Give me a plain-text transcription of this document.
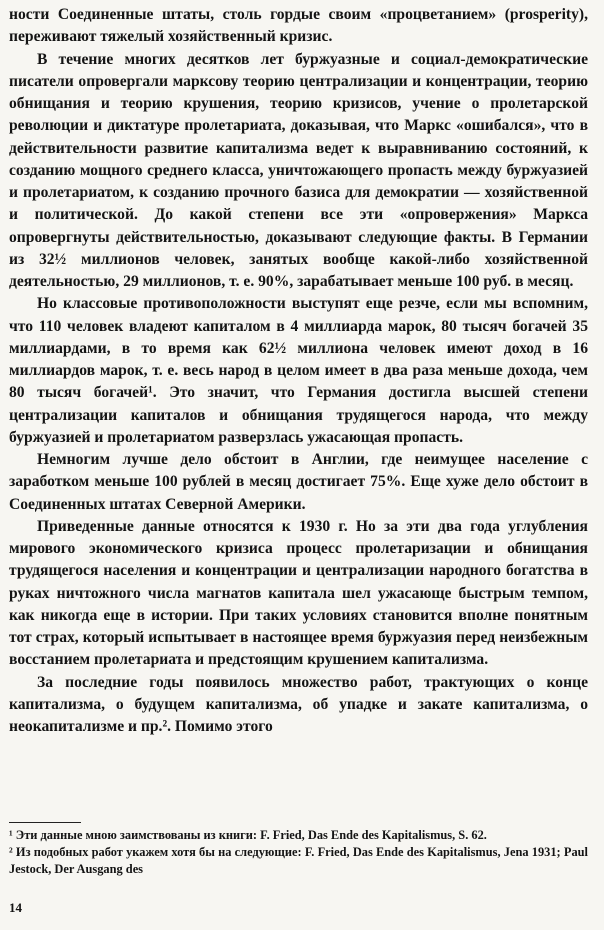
ности Соединенные штаты, столь гордые своим «процветанием» (prosperity), переживают тяжелый хозяйственный кризис.

В течение многих десятков лет буржуазные и социал-демократические писатели опровергали марксову теорию централизации и концентрации, теорию обнищания и теорию крушения, теорию кризисов, учение о пролетарской революции и диктатуре пролетариата, доказывая, что Маркс «ошибался», что в действительности развитие капитализма ведет к выравниванию состояний, к созданию мощного среднего класса, уничтожающего пропасть между буржуазией и пролетариатом, к созданию прочного базиса для демократии — хозяйственной и политической. До какой степени все эти «опровержения» Маркса опровергнуты действительностью, доказывают следующие факты. В Германии из 32½ миллионов человек, занятых вообще какой-либо хозяйственной деятельностью, 29 миллионов, т. е. 90%, зарабатывает меньше 100 руб. в месяц.

Но классовые противоположности выступят еще резче, если мы вспомним, что 110 человек владеют капиталом в 4 миллиарда марок, 80 тысяч богачей 35 миллиардами, в то время как 62½ миллиона человек имеют доход в 16 миллиардов марок, т. е. весь народ в целом имеет в два раза меньше дохода, чем 80 тысяч богачей¹. Это значит, что Германия достигла высшей степени централизации капиталов и обнищания трудящегося народа, что между буржуазией и пролетариатом разверзлась ужасающая пропасть.

Немногим лучше дело обстоит в Англии, где неимущее население с заработком меньше 100 рублей в месяц достигает 75%. Еще хуже дело обстоит в Соединенных штатах Северной Америки.

Приведенные данные относятся к 1930 г. Но за эти два года углубления мирового экономического кризиса процесс пролетаризации и обнищания трудящегося населения и концентрации и централизации народного богатства в руках ничтожного числа магнатов капитала шел ужасающе быстрым темпом, как никогда еще в истории. При таких условиях становится вполне понятным тот страх, который испытывает в настоящее время буржуазия перед неизбежным восстанием пролетариата и предстоящим крушением капитализма.

За последние годы появилось множество работ, трактующих о конце капитализма, о будущем капитализма, об упадке и закате капитализма, о неокапитализме и пр.². Помимо этого

¹ Эти данные мною заимствованы из книги: F. Fried, Das Ende des Kapitalismus, S. 62.

² Из подобных работ укажем хотя бы на следующие: F. Fried, Das Ende des Kapitalismus, Jena 1931; Paul Jestock, Der Ausgang des

14
